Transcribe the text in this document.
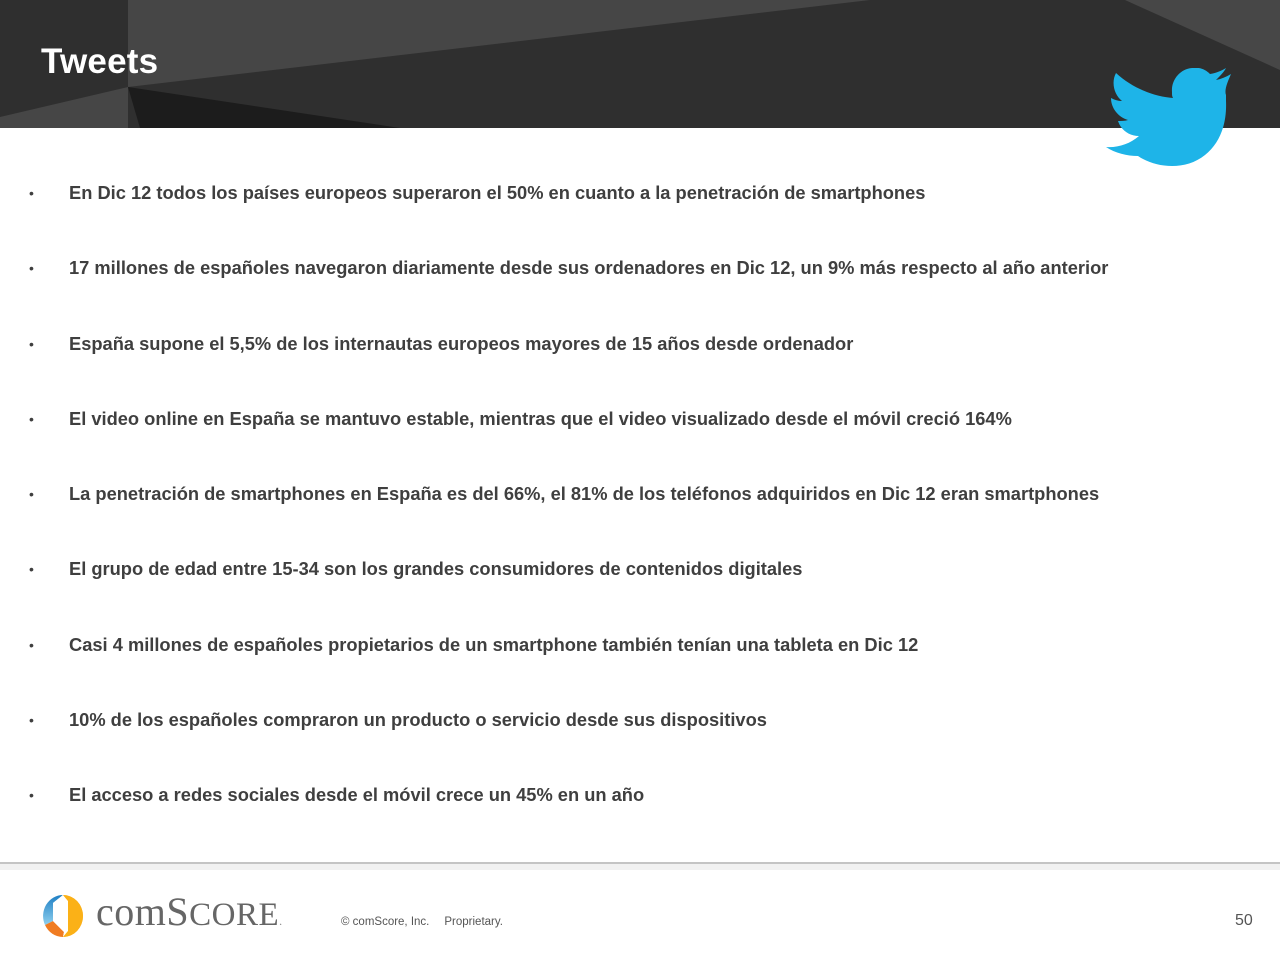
Tweets
• En Dic 12 todos los países europeos superaron el 50% en cuanto a la penetración de smartphones
• 17 millones de españoles navegaron diariamente desde sus ordenadores en Dic 12, un 9% más respecto al año anterior
• España supone el 5,5% de los internautas europeos mayores de 15 años desde ordenador
• El video online en España se mantuvo estable, mientras que el video visualizado desde el móvil creció 164%
• La penetración de smartphones en España es del 66%, el 81% de los teléfonos adquiridos en Dic 12 eran smartphones
• El grupo de edad entre 15-34 son los grandes consumidores de contenidos digitales
• Casi 4 millones de españoles propietarios de un smartphone también tenían una tableta en Dic 12
• 10% de los españoles compraron un producto o servicio desde sus dispositivos
• El acceso a redes sociales desde el móvil crece un 45% en un año
comSCORE.	© comScore, Inc. Proprietary.	50
